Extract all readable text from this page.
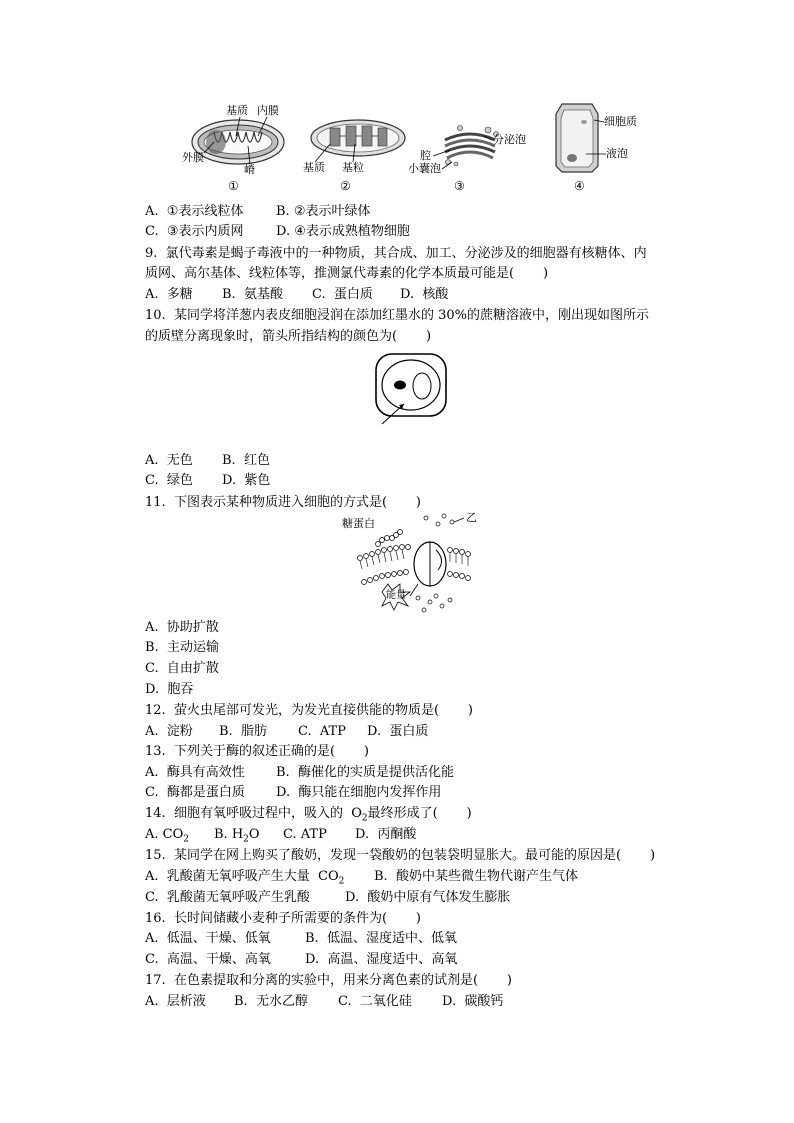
基质 内膜
外膜
嵴
①
基质 基粒
②
分泌泡
腔
小囊泡
③
细胞质
液泡
④
A.  ①表示线粒体	B. ②表示叶绿体
C.  ③表示内质网 D. ④表示成熟植物细胞
9.  氯代毒素是蝎子毒液中的一种物质，其合成、加工、分泌涉及的细胞器有核糖体、内
质网、高尔基体、线粒体等，推测氯代毒素的化学本质最可能是(       )
A.  多糖 B.  氨基酸 C.  蛋白质 D.  核酸
10.  某同学将洋葱内表皮细胞浸润在添加红墨水的 30%的蔗糖溶液中，刚出现如图所示
的质壁分离现象时，箭头所指结构的颜色为(       )
A.  无色 B.  红色
C.  绿色 D.  紫色
11.  下图表示某种物质进入细胞的方式是(       )
糖蛋白	乙
能量
A.  协助扩散
B.  主动运输
C.  自由扩散
D.  胞吞
12.  萤火虫尾部可发光，为发光直接供能的物质是(       )
A.  淀粉 B.  脂肪 C.  ATP D.  蛋白质
13.  下列关于酶的叙述正确的是(       )
A.  酶具有高效性 B.  酶催化的实质是提供活化能
C.  酶都是蛋白质 D.  酶只能在细胞内发挥作用
14.  细胞有氧呼吸过程中，吸入的  $O_2$最终形成了(       )
A. $CO_2$ B. $H_2O$ C. ATP D.  丙酮酸
15.  某同学在网上购买了酸奶，发现一袋酸奶的包装袋明显胀大。最可能的原因是(       )
A.  乳酸菌无氧呼吸产生大量  $CO_2$ B.  酸奶中某些微生物代谢产生气体
C.  乳酸菌无氧呼吸产生乳酸	D.  酸奶中原有气体发生膨胀
16.  长时间储藏小麦种子所需要的条件为(       )
A.  低温、干燥、低氧	B.  低温、湿度适中、低氧
C.  高温、干燥、高氧	D.  高温、湿度适中、高氧
17.  在色素提取和分离的实验中，用来分离色素的试剂是(       )
A.  层析液 B.  无水乙醇 C.  二氧化硅 D.  碳酸钙
